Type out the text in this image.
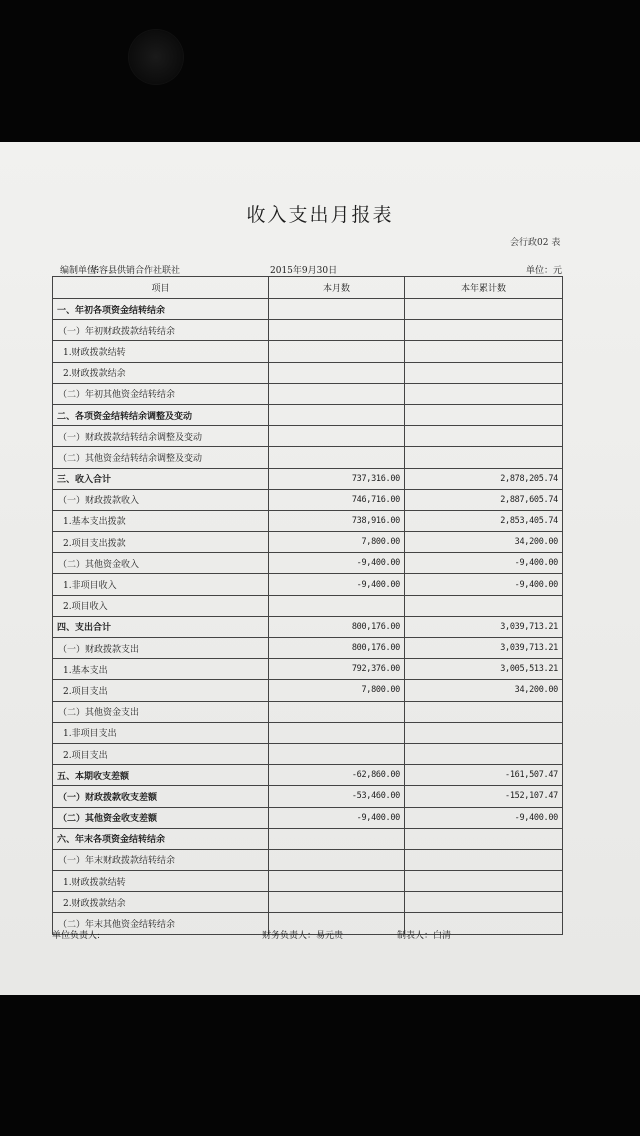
收入支出月报表
会行政02 表
编制单位:
华容县供销合作社联社	2015年9月30日	单位：元
项目	本月数	本年累计数
一、年初各项资金结转结余		
（一）年初财政拨款结转结余		
1.财政拨款结转		
2.财政拨款结余		
（二）年初其他资金结转结余		
二、各项资金结转结余调整及变动		
（一）财政拨款结转结余调整及变动		
（二）其他资金结转结余调整及变动		
三、收入合计	737,316.00	2,878,205.74
（一）财政拨款收入	746,716.00	2,887,605.74
1.基本支出拨款	738,916.00	2,853,405.74
2.项目支出拨款	7,800.00	34,200.00
（二）其他资金收入	-9,400.00	-9,400.00
1.非项目收入	-9,400.00	-9,400.00
2.项目收入		
四、支出合计	800,176.00	3,039,713.21
（一）财政拨款支出	800,176.00	3,039,713.21
1.基本支出	792,376.00	3,005,513.21
2.项目支出	7,800.00	34,200.00
（二）其他资金支出		
1.非项目支出		
2.项目支出		
五、本期收支差额	-62,860.00	-161,507.47
（一）财政拨款收支差额	-53,460.00	-152,107.47
（二）其他资金收支差额	-9,400.00	-9,400.00
六、年末各项资金结转结余		
（一）年末财政拨款结转结余		
1.财政拨款结转		
2.财政拨款结余		
（二）年末其他资金结转结余		
单位负责人:	财务负责人：易元贵	制表人：白清
